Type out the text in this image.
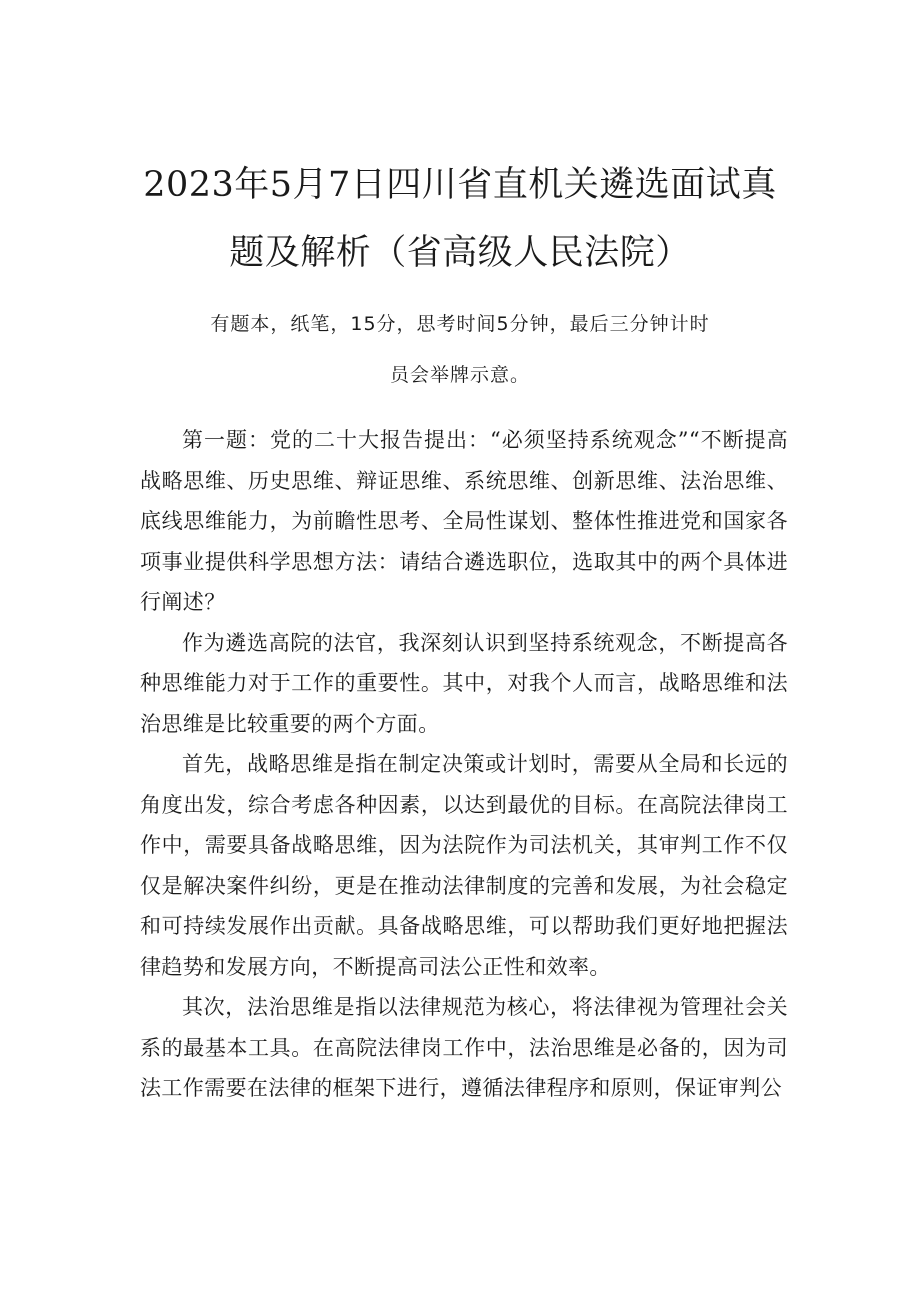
2023年5月7日四川省直机关遴选面试真
题及解析（省高级人民法院）
有题本，纸笔，15分，思考时间5分钟，最后三分钟计时
员会举牌示意。

第一题：党的二十大报告提出：“必须坚持系统观念”“不断提高战略思维、历史思维、辩证思维、系统思维、创新思维、法治思维、底线思维能力，为前瞻性思考、全局性谋划、整体性推进党和国家各项事业提供科学思想方法：请结合遴选职位，选取其中的两个具体进行阐述？

作为遴选高院的法官，我深刻认识到坚持系统观念，不断提高各种思维能力对于工作的重要性。其中，对我个人而言，战略思维和法治思维是比较重要的两个方面。

首先，战略思维是指在制定决策或计划时，需要从全局和长远的角度出发，综合考虑各种因素，以达到最优的目标。在高院法律岗工作中，需要具备战略思维，因为法院作为司法机关，其审判工作不仅仅是解决案件纠纷，更是在推动法律制度的完善和发展，为社会稳定和可持续发展作出贡献。具备战略思维，可以帮助我们更好地把握法律趋势和发展方向，不断提高司法公正性和效率。

其次，法治思维是指以法律规范为核心，将法律视为管理社会关系的最基本工具。在高院法律岗工作中，法治思维是必备的，因为司法工作需要在法律的框架下进行，遵循法律程序和原则，保证审判公
